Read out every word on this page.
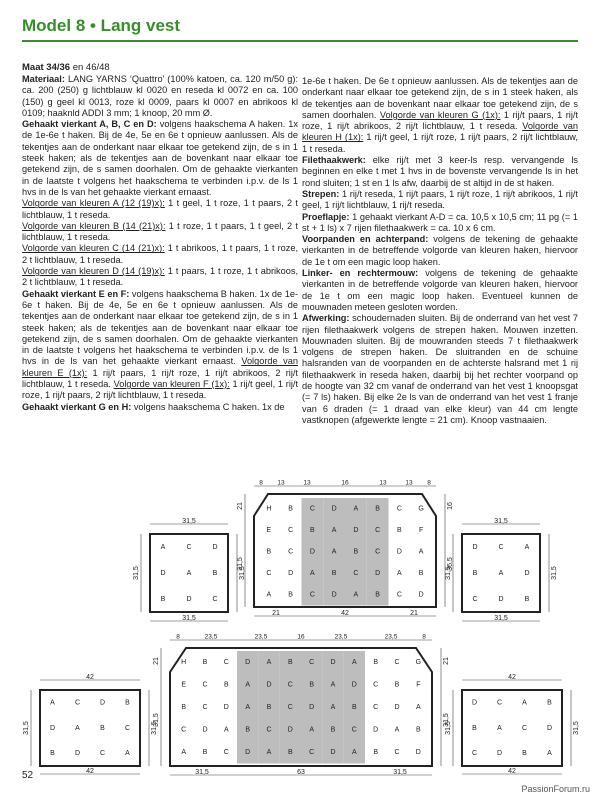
Model 8 • Lang vest
Maat 34/36 en 46/48

Materiaal: LANG YARNS ‘Quattro’ (100% katoen, ca. 120 m/50 g): ca. 200 (250) g lichtblauw kl 0020 en reseda kl 0072 en ca. 100 (150) g geel kl 0013, roze kl 0009, paars kl 0007 en abrikoos kl 0109; haaknld ADDI 3 mm; 1 knoop, 20 mm Ø.

Gehaakt vierkant A, B, C en D: volgens haakschema A haken. 1x de 1e-6e t haken. Bij de 4e, 5e en 6e t opnieuw aanlussen. Als de tekentjes aan de onderkant naar elkaar toe getekend zijn, de s in 1 steek haken; als de tekentjes aan de bovenkant naar elkaar toe getekend zijn, de s samen doorhalen. Om de gehaakte vierkanten in de laatste t volgens het haakschema te verbinden i.p.v. de ls 1 hvs in de ls van het gehaakte vierkant ernaast.

Volgorde van kleuren A (12 (19)x): 1 t geel, 1 t roze, 1 t paars, 2 t lichtblauw, 1 t reseda.

Volgorde van kleuren B (14 (21)x): 1 t roze, 1 t paars, 1 t geel, 2 t lichtblauw, 1 t reseda.

Volgorde van kleuren C (14 (21)x): 1 t abrikoos, 1 t paars, 1 t roze, 2 t lichtblauw, 1 t reseda.

Volgorde van kleuren D (14 (19)x): 1 t paars, 1 t roze, 1 t abrikoos, 2 t lichtblauw, 1 t reseda.

Gehaakt vierkant E en F: volgens haakschema B haken. 1x de 1e-6e t haken. Bij de 4e, 5e en 6e t opnieuw aanlussen. Als de tekentjes aan de onderkant naar elkaar toe getekend zijn, de s in 1 steek haken; als de tekentjes aan de bovenkant naar elkaar toe getekend zijn, de s samen doorhalen. Om de gehaakte vierkanten in de laatste t volgens het haakschema te verbinden i.p.v. de ls 1 hvs in de ls van het gehaakte vierkant ernaast. Volgorde van kleuren E (1x): 1 rij/t paars, 1 rij/t roze, 1 rij/t abrikoos, 2 rij/t lichtblauw, 1 t reseda. Volgorde van kleuren F (1x): 1 rij/t geel, 1 rij/t roze, 1 rij/t paars, 2 rij/t lichtblauw, 1 t reseda.

Gehaakt vierkant G en H: volgens haakschema C haken. 1x de

1e-6e t haken. De 6e t opnieuw aanlussen. Als de tekentjes aan de onderkant naar elkaar toe getekend zijn, de s in 1 steek haken, als de tekentjes aan de bovenkant naar elkaar toe getekend zijn, de s samen doorhalen. Volgorde van kleuren G (1x): 1 rij/t paars, 1 rij/t roze, 1 rij/t abrikoos, 2 rij/t lichtblauw, 1 t reseda. Volgorde van kleuren H (1x): 1 rij/t geel, 1 rij/t roze, 1 rij/t paars, 2 rij/t lichtblauw, 1 t reseda.

Filethaakwerk: elke rij/t met 3 keer-ls resp. vervangende ls beginnen en elke t met 1 hvs in de bovenste vervangende ls in het rond sluiten; 1 st en 1 ls afw, daarbij de st altijd in de st haken.

Strepen: 1 rij/t reseda, 1 rij/t paars, 1 rij/t roze, 1 rij/t abrikoos, 1 rij/t geel, 1 rij/t lichtblauw, 1 rij/t reseda.

Proeflapje: 1 gehaakt vierkant A-D = ca. 10,5 x 10,5 cm; 11 pg (= 1 st + 1 ls) x 7 rijen filethaakwerk = ca. 10 x 6 cm.

Voorpanden en achterpand: volgens de tekening de gehaakte vierkanten in de betreffende volgorde van kleuren haken, hiervoor de 1e t om een magic loop haken.

Linker- en rechtermouw: volgens de tekening de gehaakte vierkanten in de betreffende volgorde van kleuren haken, hiervoor de 1e t om een magic loop haken. Eventueel kunnen de mouwnaden meteen gesloten worden.

Afwerking: schoudernaden sluiten. Bij de onderrand van het vest 7 rijen filethaakwerk volgens de strepen haken. Mouwen inzetten. Mouwnaden sluiten. Bij de mouwranden steeds 7 t filethaakwerk volgens de strepen haken. De sluitranden en de schuine halsranden van de voorpanden en de achterste halsrand met 1 rij filethaakwerk in reseda haken, daarbij bij het rechter voorpand op de hoogte van 32 cm vanaf de onderrand van het vest 1 knoopsgat (= 7 ls) haken. Bij elke 2e ls van de onderrand van het vest 1 franje van 6 draden (= 1 draad van elke kleur) van 44 cm lengte vastknopen (afgewerkte lengte = 21 cm). Knoop vastnaaien.

A	C	D
D	A	B
B	D	C
31,5
31,5
31,5	31,5
H B C D A B C G
E C B A D C B F
B C D A B C D A
C D A B C D A B
A B C D A B C D
8 13	13	16	13	13 8
21	42	21
21
31,5
16
36,5
D	C	A
B	A	D
C	D	B
31,5
31,5
31,5	31,5
A	C	D	B
D	A	B	C
B	D	C	A
42
42
31,5	31,5
H B C D A B C D A B C G
E C B A D C B A D C B F
B C D A B C D A B C D A
C D A B C D A B C D A B
A B C D A B C D A B C D
8	23,5	23,5	16	23,5	23,5	8
31,5	63	31,5
21
31,5
21
31,5
D	C	A	B
B	A	C	D
C	D	B	A
42
42
31,5	31,5
52
PassionForum.ru
